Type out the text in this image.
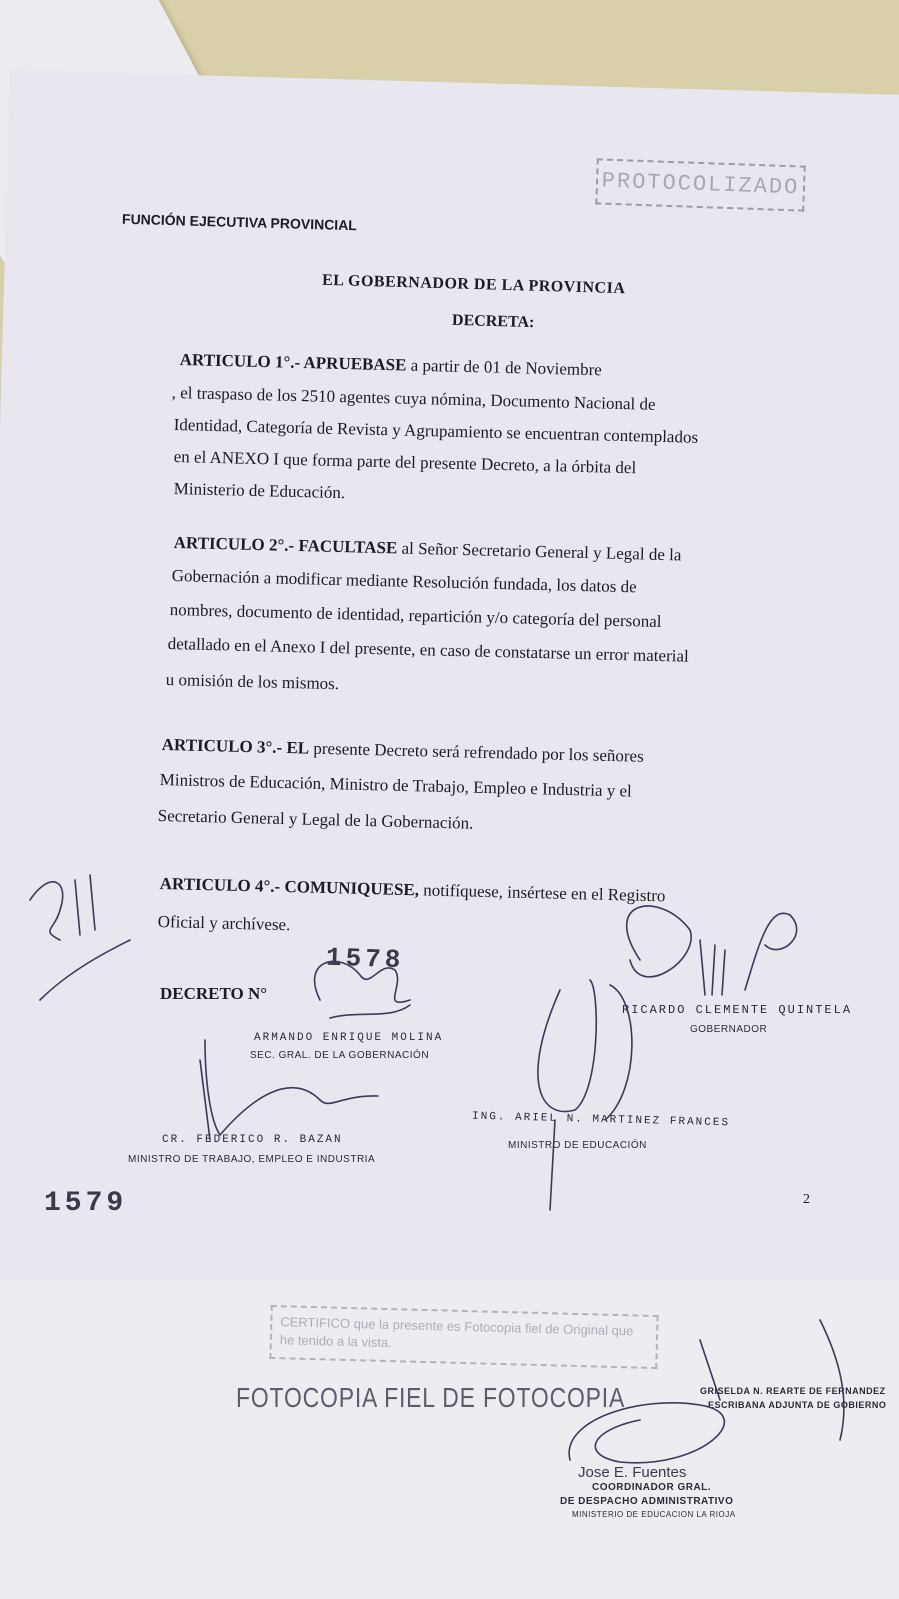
PROTOCOLIZADO
FUNCIÓN EJECUTIVA PROVINCIAL
EL GOBERNADOR DE LA PROVINCIA
DECRETA:
ARTICULO 1°.- APRUEBASE a partir de 01 de Noviembre
, el traspaso de los 2510 agentes cuya nómina, Documento Nacional de
Identidad, Categoría de Revista y Agrupamiento se encuentran contemplados
en el ANEXO I que forma parte del presente Decreto, a la órbita del
Ministerio de Educación.
ARTICULO 2°.- FACULTASE al Señor Secretario General y Legal de la
Gobernación a modificar mediante Resolución fundada, los datos de
nombres, documento de identidad, repartición y/o categoría del personal
detallado en el Anexo I del presente, en caso de constatarse un error material
u omisión de los mismos.
ARTICULO 3°.- EL presente Decreto será refrendado por los señores
Ministros de Educación, Ministro de Trabajo, Empleo e Industria y el
Secretario General y Legal de la Gobernación.
ARTICULO 4°.- COMUNIQUESE, notifíquese, insértese en el Registro
Oficial y archívese.
DECRETO N°
1578
1579
RICARDO CLEMENTE QUINTELA
GOBERNADOR
ARMANDO ENRIQUE MOLINA
SEC. GRAL. DE LA GOBERNACIÓN
ING. ARIEL N. MARTINEZ FRANCES
MINISTRO DE EDUCACIÓN
CR. FEDERICO R. BAZAN
MINISTRO DE TRABAJO, EMPLEO E INDUSTRIA
2
CERTIFICO que la presente es Fotocopia fiel de Original que he tenido a la vista.
FOTOCOPIA FIEL DE FOTOCOPIA	GRISELDA N. REARTE DE FERNANDEZ
ESCRIBANA ADJUNTA DE GOBIERNO
Jose E. Fuentes
COORDINADOR GRAL.
DE DESPACHO ADMINISTRATIVO
MINISTERIO DE EDUCACION LA RIOJA
